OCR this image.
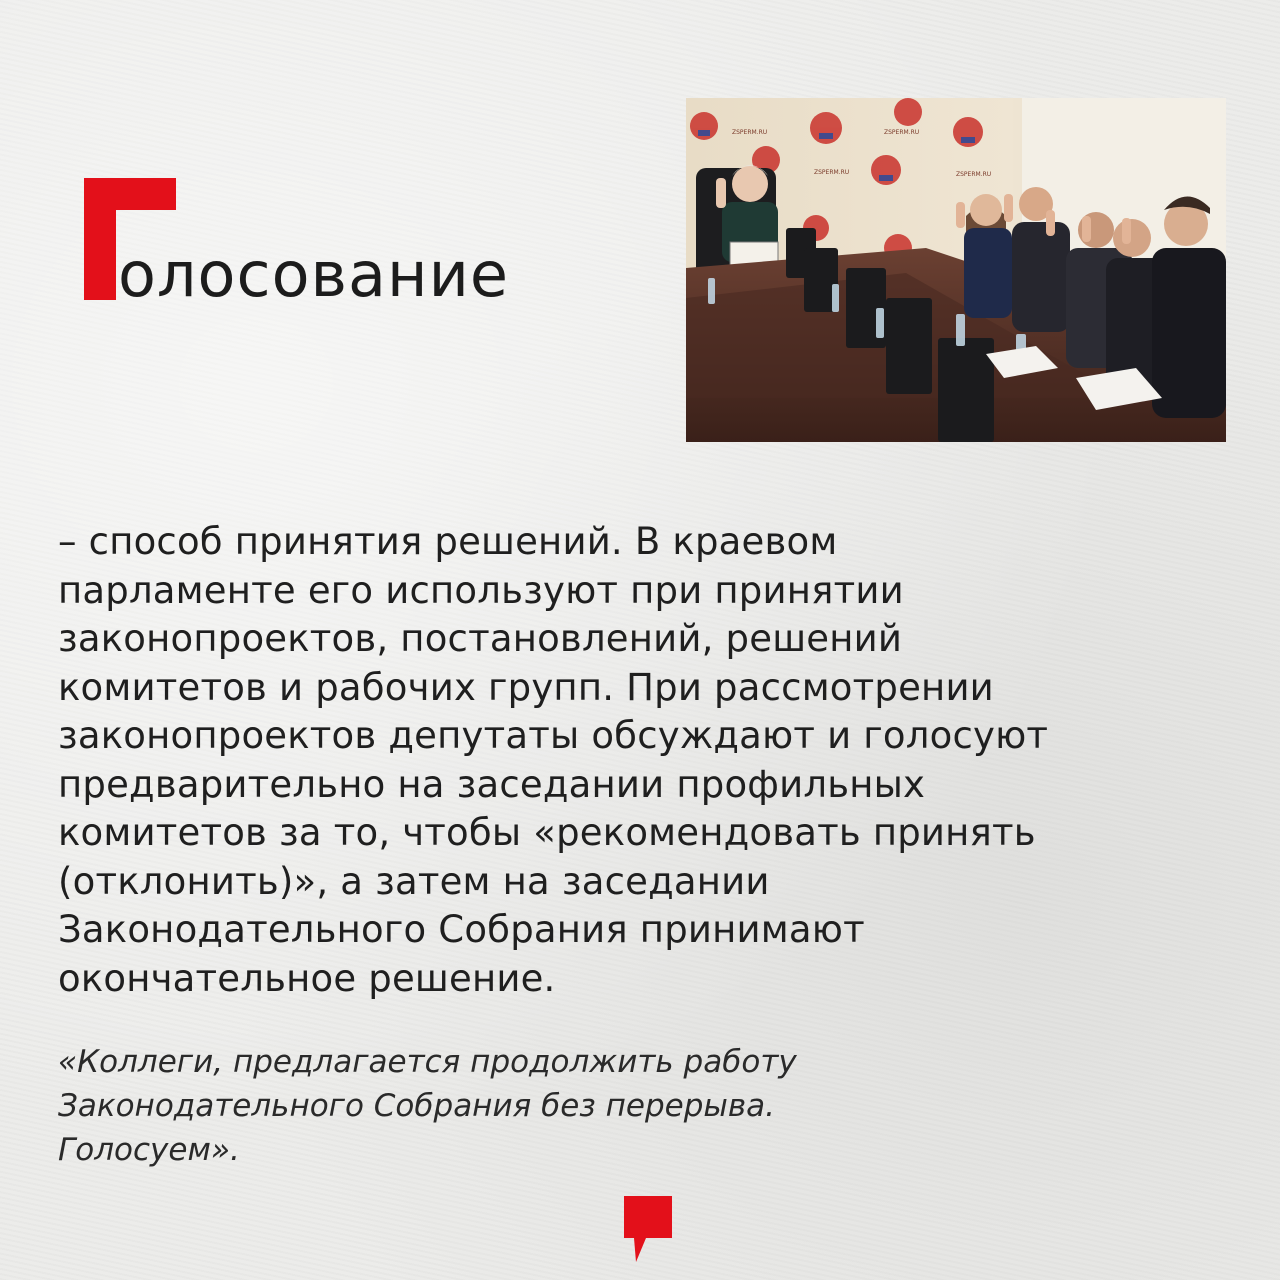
олосование
ZSPERM.RU	ZSPERM.RU
ZSPERM.RU	ZSPERM.RU
– способ принятия решений. В краевом
парламенте его используют при принятии
законопроектов, постановлений, решений
комитетов и рабочих групп. При рассмотрении
законопроектов депутаты обсуждают и голосуют
предварительно на заседании профильных
комитетов за то, чтобы «рекомендовать принять
(отклонить)», а затем на заседании
Законодательного Собрания принимают
окончательное решение.
«Коллеги, предлагается продолжить работу
Законодательного Собрания без перерыва.
Голосуем».
